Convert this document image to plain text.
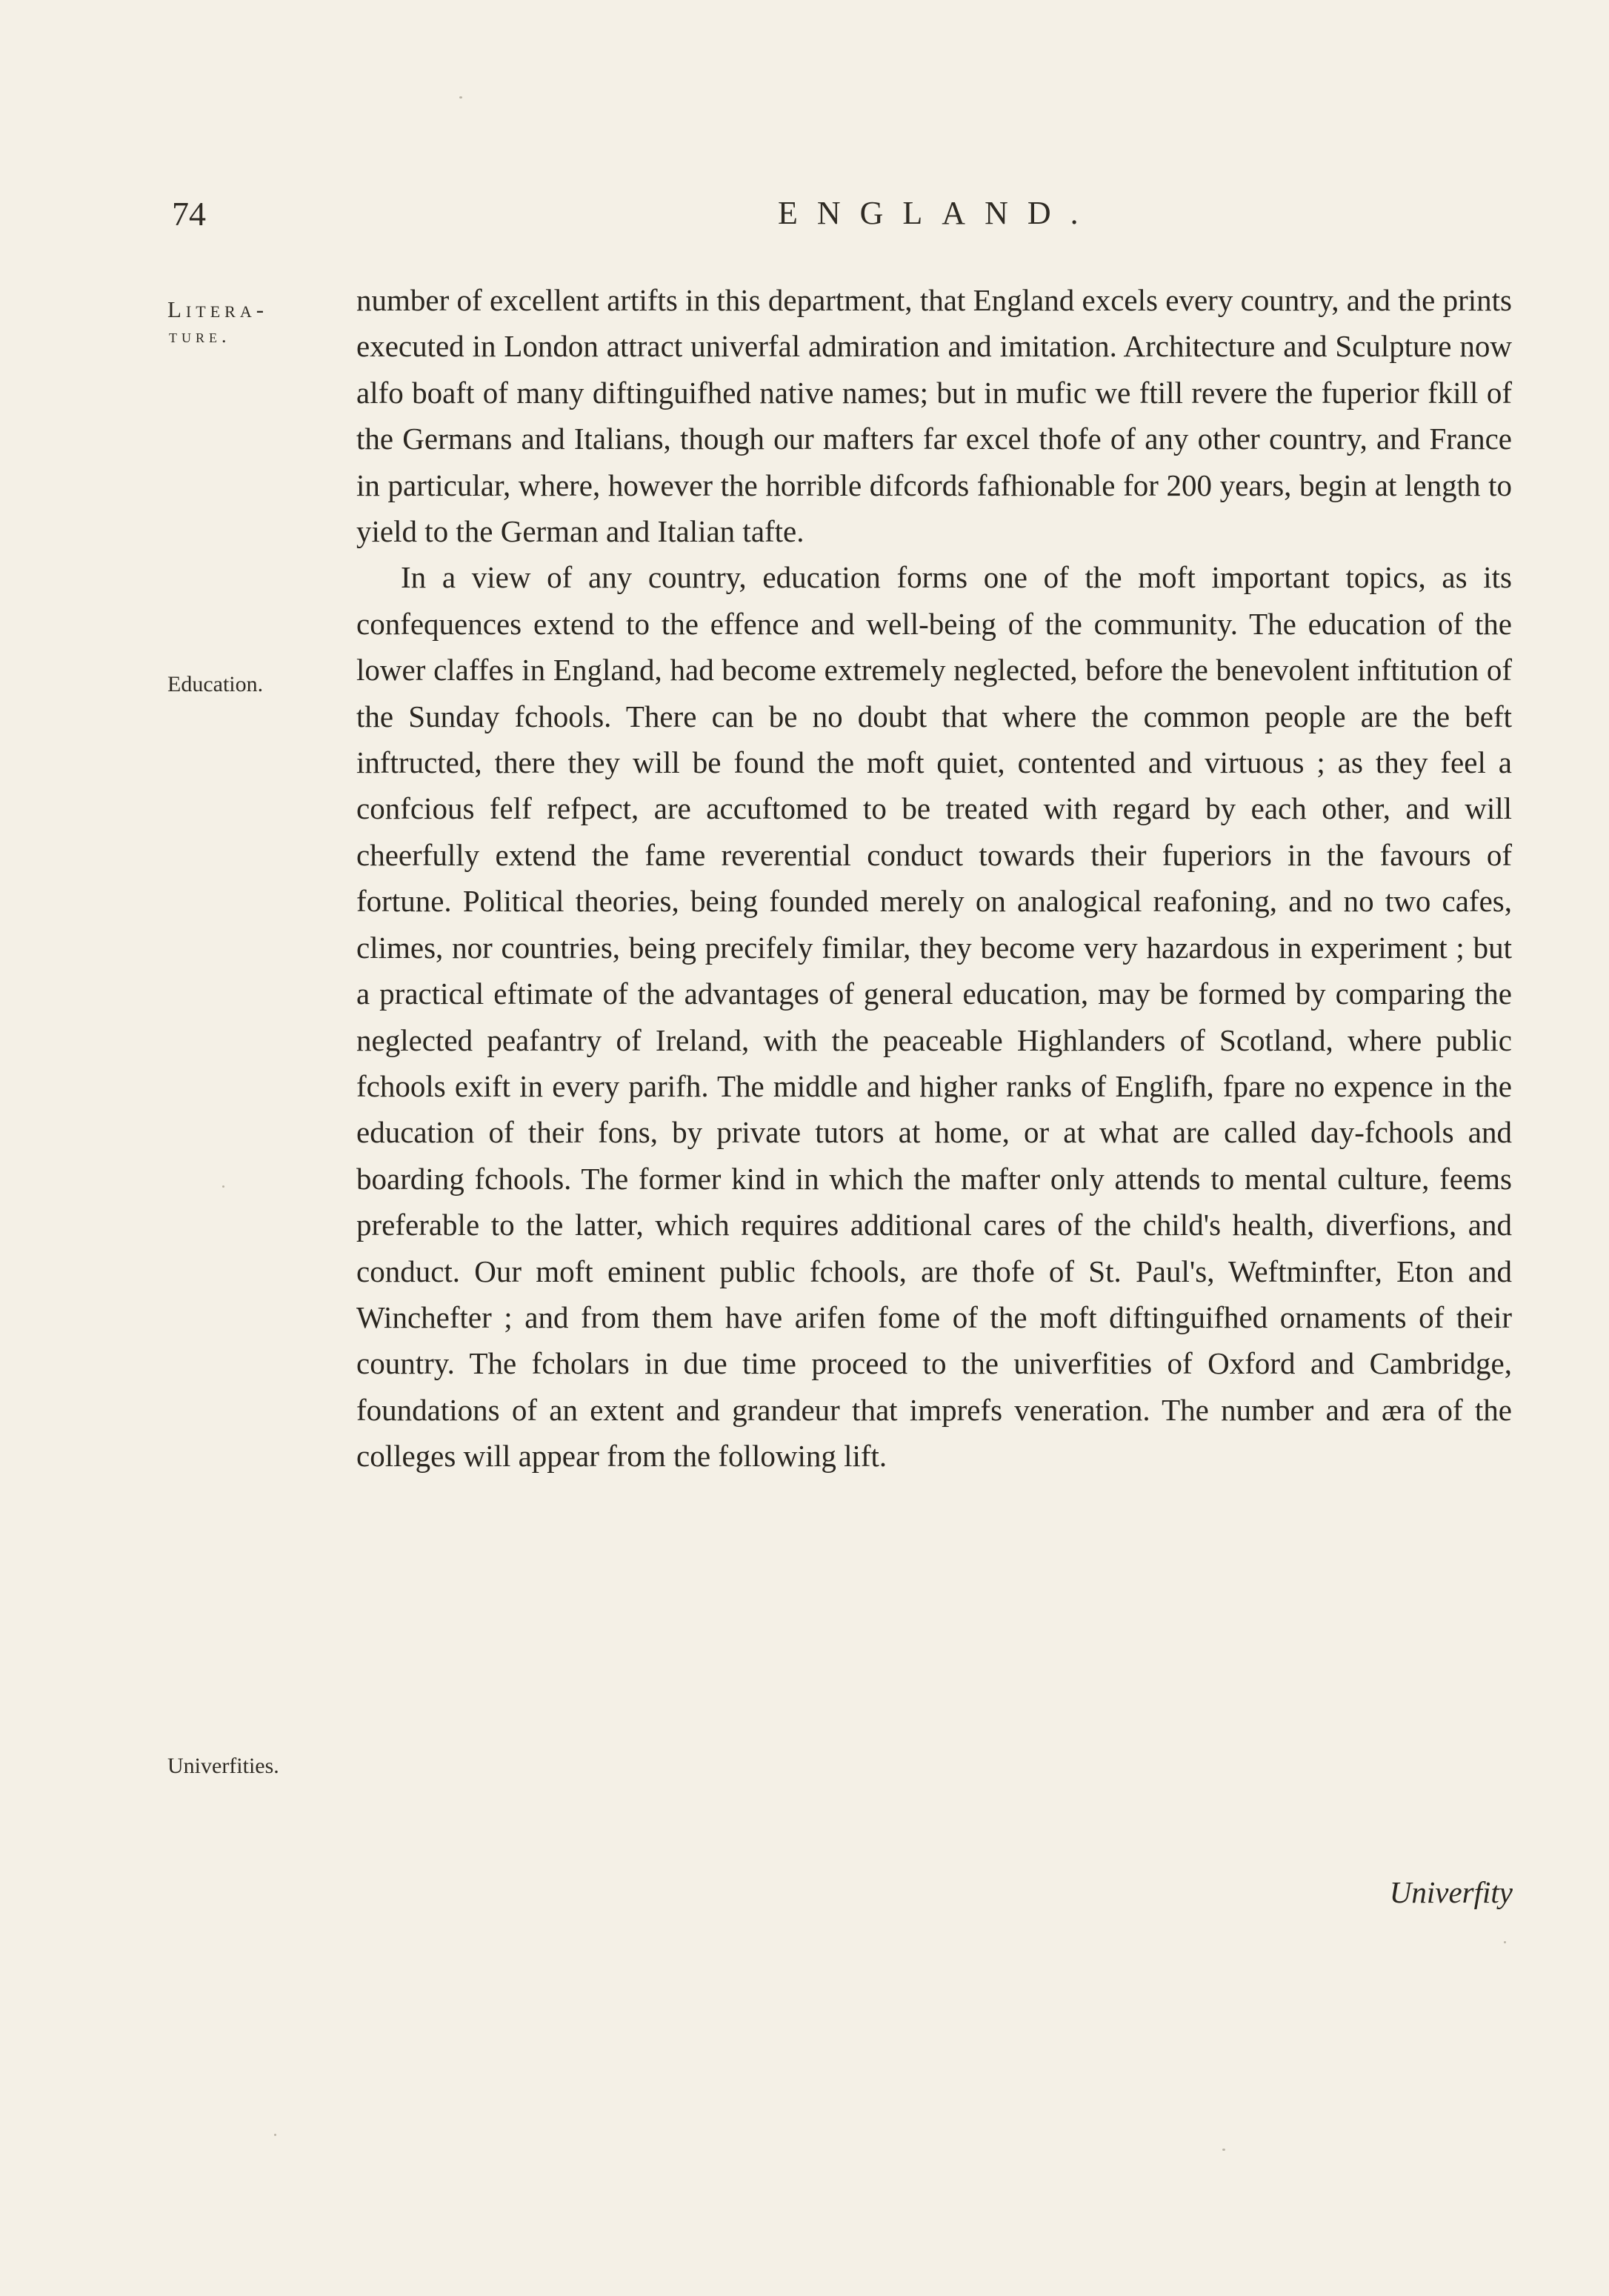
74	ENGLAND.
Litera-
ture.
Education.
Univerfities.

number of excellent artifts in this department, that England excels every country, and the prints executed in London attract univerfal admiration and imitation. Architecture and Sculpture now alfo boaft of many diftinguifhed native names; but in mufic we ftill revere the fuperior fkill of the Germans and Italians, though our mafters far excel thofe of any other country, and France in particular, where, however the horrible difcords fafhionable for 200 years, begin at length to yield to the German and Italian tafte.

In a view of any country, education forms one of the moft important topics, as its confequences extend to the effence and well-being of the community. The education of the lower claffes in England, had become extremely neglected, before the benevolent inftitution of the Sunday fchools. There can be no doubt that where the common people are the beft inftructed, there they will be found the moft quiet, contented and virtuous ; as they feel a confcious felf refpect, are accuftomed to be treated with regard by each other, and will cheerfully extend the fame reverential conduct towards their fuperiors in the favours of fortune. Political theories, being founded merely on analogical reafoning, and no two cafes, climes, nor countries, being precifely fimilar, they become very hazardous in experiment ; but a practical eftimate of the advantages of general education, may be formed by comparing the neglected peafantry of Ireland, with the peaceable Highlanders of Scotland, where public fchools exift in every parifh. The middle and higher ranks of Englifh, fpare no expence in the education of their fons, by private tutors at home, or at what are called day-fchools and boarding fchools. The former kind in which the mafter only attends to mental culture, feems preferable to the latter, which requires additional cares of the child's health, diverfions, and conduct. Our moft eminent public fchools, are thofe of St. Paul's, Weftminfter, Eton and Winchefter ; and from them have arifen fome of the moft diftinguifhed ornaments of their country. The fcholars in due time proceed to the univerfities of Oxford and Cambridge, foundations of an extent and grandeur that imprefs veneration. The number and æra of the colleges will appear from the following lift.

Univerfity
